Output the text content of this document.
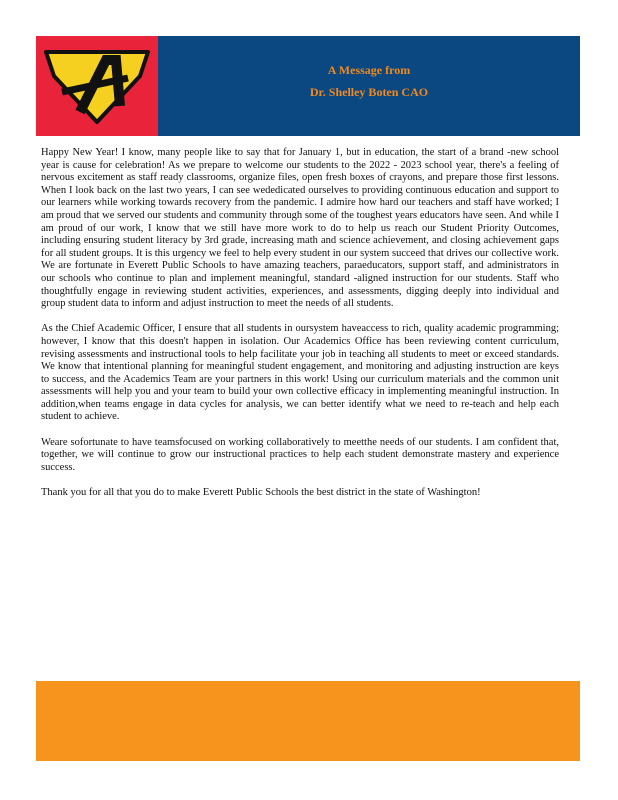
A Message from
Dr. Shelley Boten CAO

Happy New Year! I know, many people like to say that for January 1, but in education, the start of a brand -new school year is cause for celebration! As we prepare to welcome our students to the 2022 - 2023 school year, there's a feeling of nervous excitement as staff ready classrooms, organize files, open fresh boxes of crayons, and prepare those first lessons. When I look back on the last two years, I can see wededicated ourselves to providing continuous education and support to our learners while working towards recovery from the pandemic. I admire how hard our teachers and staff have worked; I am proud that we served our students and community through some of the toughest years educators have seen. And while I am proud of our work, I know that we still have more work to do to help us reach our Student Priority Outcomes, including ensuring student literacy by 3rd grade, increasing math and science achievement, and closing achievement gaps for all student groups. It is this urgency we feel to help every student in our system succeed that drives our collective work. We are fortunate in Everett Public Schools to have amazing teachers, paraeducators, support staff, and administrators in our schools who continue to plan and implement meaningful, standard -aligned instruction for our students. Staff who thoughtfully engage in reviewing student activities, experiences, and assessments, digging deeply into individual and group student data to inform and adjust instruction to meet the needs of all students.

As the Chief Academic Officer, I ensure that all students in oursystem haveaccess to rich, quality academic programming; however, I know that this doesn't happen in isolation. Our Academics Office has been reviewing content curriculum, revising assessments and instructional tools to help facilitate your job in teaching all students to meet or exceed standards. We know that intentional planning for meaningful student engagement, and monitoring and adjusting instruction are keys to success, and the Academics Team are your partners in this work! Using our curriculum materials and the common unit assessments will help you and your team to build your own collective efficacy in implementing meaningful instruction. In addition,when teams engage in data cycles for analysis, we can better identify what we need to re-teach and help each student to achieve.

Weare sofortunate to have teamsfocused on working collaboratively to meetthe needs of our students. I am confident that, together, we will continue to grow our instructional practices to help each student demonstrate mastery and experience success.

Thank you for all that you do to make Everett Public Schools the best district in the state of Washington!
